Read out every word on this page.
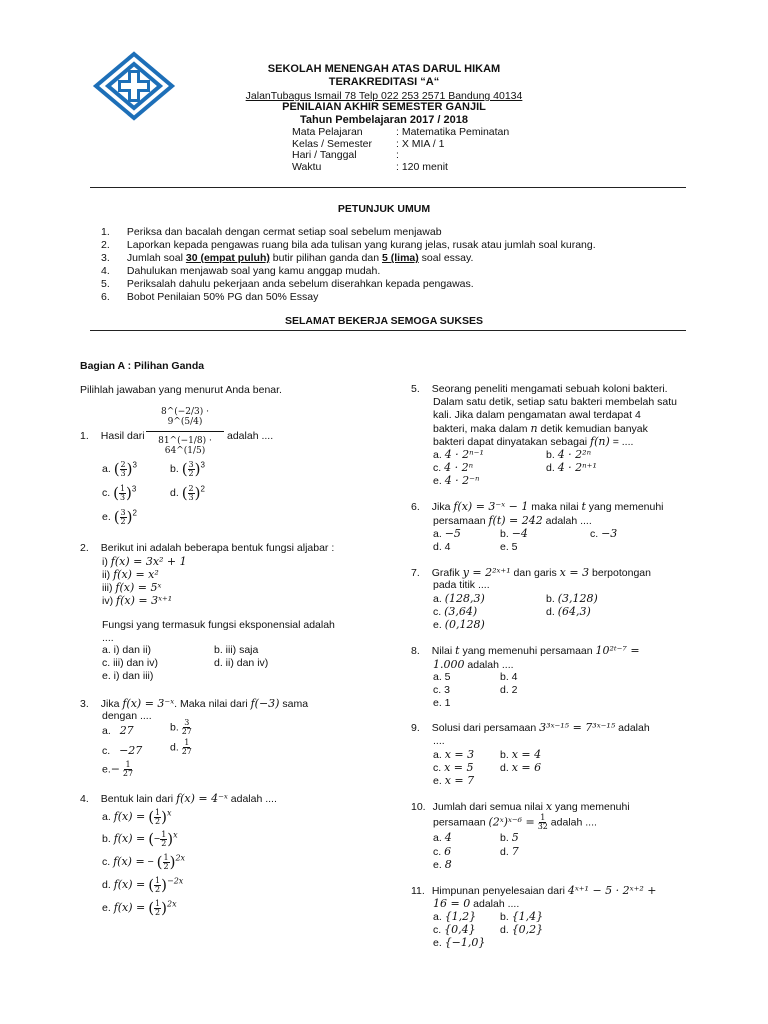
SEKOLAH MENENGAH ATAS DARUL HIKAM
TERAKREDITASI “A“
JalanTubagus Ismail 78 Telp 022 253 2571 Bandung 40134
PENILAIAN AKHIR SEMESTER GANJIL
Tahun Pembelajaran 2017 / 2018
Mata Pelajaran	: Matematika Peminatan
Kelas / Semester	: X MIA / 1
Hari / Tanggal	:
Waktu	: 120 menit
PETUNJUK UMUM
1. Periksa dan bacalah dengan cermat setiap soal sebelum menjawab
2. Laporkan kepada pengawas ruang bila ada tulisan yang kurang jelas, rusak atau jumlah soal kurang.
3. Jumlah soal 30 (empat puluh) butir pilihan ganda dan 5 (lima) soal essay.
4. Dahulukan menjawab soal yang kamu anggap mudah.
5. Periksalah dahulu pekerjaan anda sebelum diserahkan kepada pengawas.
6. Bobot Penilaian 50% PG dan 50% Essay
SELAMAT BEKERJA SEMOGA SUKSES
Bagian A : Pilihan Ganda
Pilihlah jawaban yang menurut Anda benar.
1. Hasil dari
8^(−2/3) · 9^(5/4)
81^(−1/8) · 64^(1/5)
adalah ....
a. ( $\frac{2}{3} )^3$	b. ( $\frac{3}{2} )^3$
c. ( $\frac{1}{3} )^3$	d. ( $\frac{2}{3} )^2$
e. ( $\frac{3}{2} )^2$
2. Berikut ini adalah beberapa bentuk fungsi aljabar :
i) f(x) = 3x² + 1
ii) f(x) = x²
iii) f(x) = 5ˣ
iv) f(x) = 3ˣ⁺¹
Fungsi yang termasuk fungsi eksponensial adalah
....
a. i) dan ii)	b. iii) saja
c. iii) dan iv)	d. ii) dan iv)
e. i) dan iii)
3. Jika f(x) = 3⁻ˣ. Maka nilai dari f(−3) sama
dengan ....
a. 27	b. $\frac{3}{27}$
c. −27	d. $\frac{1}{27}$
$e.- \frac{1}{27}$
4. Bentuk lain dari f(x) = 4⁻ˣ adalah ....
a. f(x) = ( $\frac{1}{2} )^x$
b. f(x) = (− $\frac{1}{2} )^x$
c. f(x) = − ( $\frac{1}{2} )^{2x}$
d. f(x) = ( $\frac{1}{2} )^{-2x}$
e. f(x) = ( $\frac{1}{2} )^{2x}$
5. Seorang peneliti mengamati sebuah koloni bakteri.
Dalam satu detik, setiap satu bakteri membelah satu
kali. Jika dalam pengamatan awal terdapat 4
bakteri, maka dalam n detik kemudian banyak
bakteri dapat dinyatakan sebagai f(n) = ....
a. 4 · 2ⁿ⁻¹	b. 4 · 2²ⁿ
c. 4 · 2ⁿ	d. 4 · 2ⁿ⁺¹
e. 4 · 2⁻ⁿ
6. Jika f(x) = 3⁻ˣ − 1 maka nilai t yang memenuhi
persamaan f(t) = 242 adalah ....
a. −5	b. −4	c. −3
d. 4	e. 5
7. Grafik y = 2²ˣ⁺¹ dan garis x = 3 berpotongan
pada titik ....
a. (128,3)	b. (3,128)
c. (3,64)	d. (64,3)
e. (0,128)
8. Nilai t yang memenuhi persamaan 10²ᵗ⁻⁷ =
1.000 adalah ....
a. 5	b. 4
c. 3	d. 2
e. 1
9. Solusi dari persamaan 3³ˣ⁻¹⁵ = 7³ˣ⁻¹⁵ adalah
....
a. x = 3 b. x = 4
c. x = 5	d. x = 6
e. x = 7
10. Jumlah dari semua nilai x yang memenuhi
persamaan (2ˣ)ˣ⁻⁶ = $\frac{1}{32}$ adalah ....
a. 4	b. 5
c. 6	d. 7
e. 8
11. Himpunan penyelesaian dari 4ˣ⁺¹ − 5 · 2ˣ⁺² +
16 = 0 adalah ....
a. {1,2} b. {1,4}
c. {0,4} d. {0,2}
e. {−1,0}
